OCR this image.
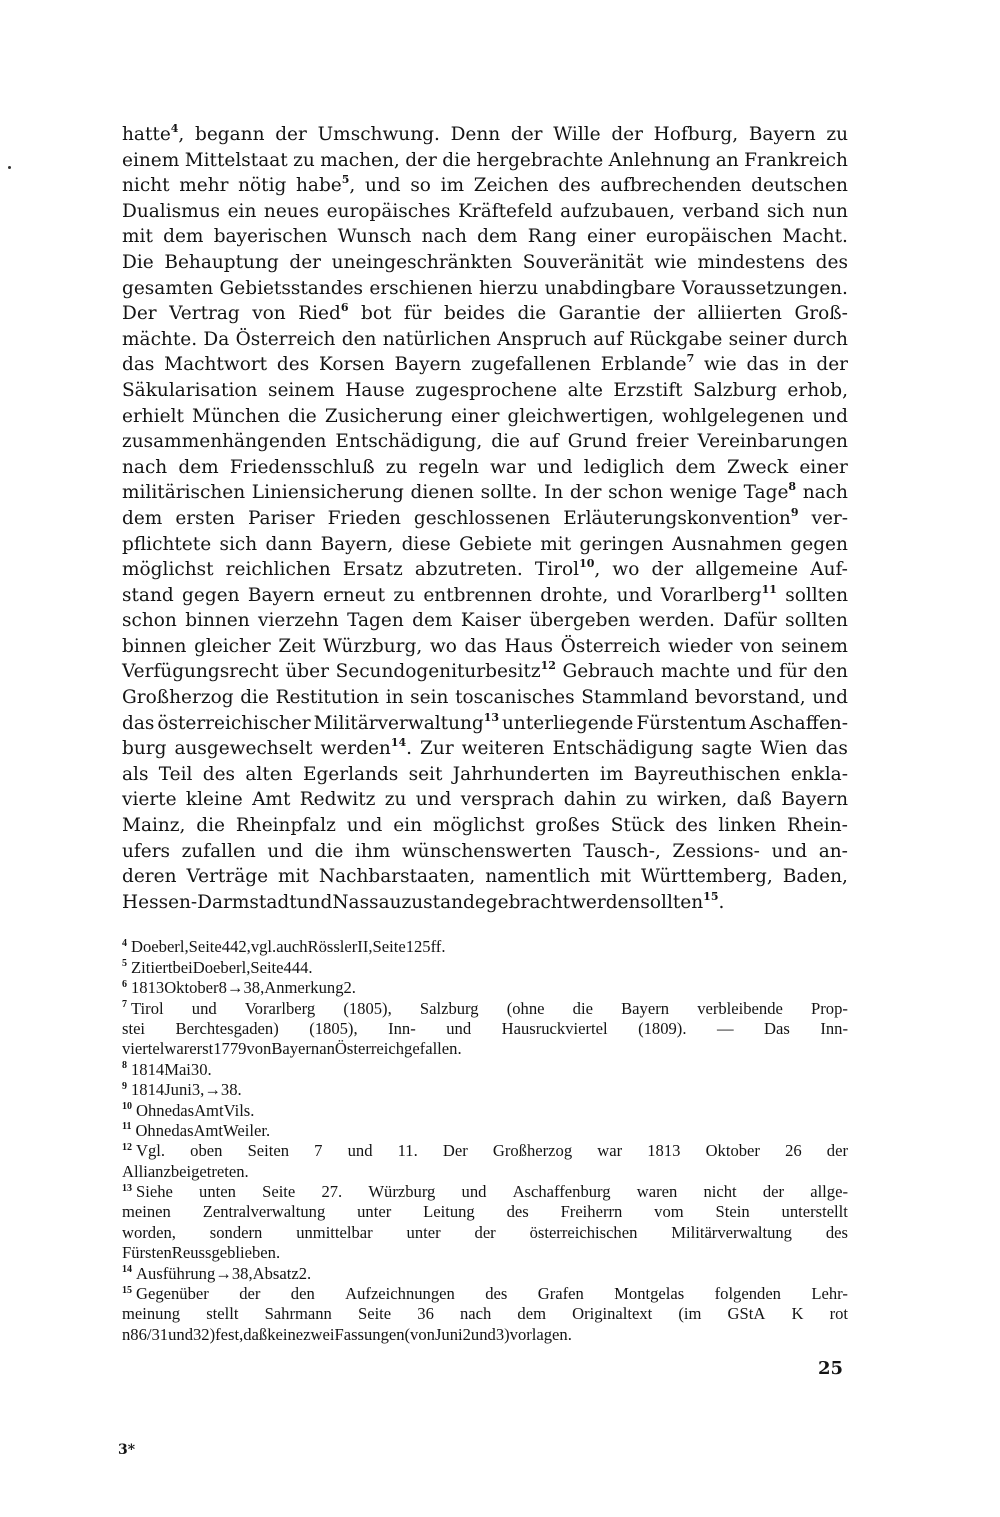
hatte$^4$, begann der Umschwung. Denn der Wille der Hofburg, Bayern zu
einem Mittelstaat zu machen, der die hergebrachte Anlehnung an Frankreich
nicht mehr nötig habe$^5$, und so im Zeichen des aufbrechenden deutschen
Dualismus ein neues europäisches Kräftefeld aufzubauen, verband sich nun
mit dem bayerischen Wunsch nach dem Rang einer europäischen Macht.
Die Behauptung der uneingeschränkten Souveränität wie mindestens des
gesamten Gebietsstandes erschienen hierzu unabdingbare Voraussetzungen.
Der Vertrag von Ried$^6$ bot für beides die Garantie der alliierten Groß-
mächte. Da Österreich den natürlichen Anspruch auf Rückgabe seiner durch
das Machtwort des Korsen Bayern zugefallenen Erblande$^7$ wie das in der
Säkularisation seinem Hause zugesprochene alte Erzstift Salzburg erhob,
erhielt München die Zusicherung einer gleichwertigen, wohlgelegenen und
zusammenhängenden Entschädigung, die auf Grund freier Vereinbarungen
nach dem Friedensschluß zu regeln war und lediglich dem Zweck einer
militärischen Liniensicherung dienen sollte. In der schon wenige Tage$^8$ nach
dem ersten Pariser Frieden geschlossenen Erläuterungskonvention$^9$ ver-
pflichtete sich dann Bayern, diese Gebiete mit geringen Ausnahmen gegen
möglichst reichlichen Ersatz abzutreten. Tirol$^{10}$, wo der allgemeine Auf-
stand gegen Bayern erneut zu entbrennen drohte, und Vorarlberg$^{11}$ sollten
schon binnen vierzehn Tagen dem Kaiser übergeben werden. Dafür sollten
binnen gleicher Zeit Würzburg, wo das Haus Österreich wieder von seinem
Verfügungsrecht über Secundogeniturbesitz$^{12}$ Gebrauch machte und für den
Großherzog die Restitution in sein toscanisches Stammland bevorstand, und
das österreichischer Militärverwaltung$^{13}$ unterliegende Fürstentum Aschaffen-
burg ausgewechselt werden$^{14}$. Zur weiteren Entschädigung sagte Wien das
als Teil des alten Egerlands seit Jahrhunderten im Bayreuthischen enkla-
vierte kleine Amt Redwitz zu und versprach dahin zu wirken, daß Bayern
Mainz, die Rheinpfalz und ein möglichst großes Stück des linken Rhein-
ufers zufallen und die ihm wünschenswerten Tausch-, Zessions- und an-
deren Verträge mit Nachbarstaaten, namentlich mit Württemberg, Baden,
Hessen-Darmstadt und Nassau zustandegebracht werden sollten$^{15}$.
$^4$ Doeberl, Seite 442, vgl. auch Rössler II, Seite 125 ff.
$^5$ Zitiert bei Doeberl, Seite 444.
$^6$ 1813 Oktober 8 → 38, Anmerkung 2.
$^7$ Tirol und Vorarlberg (1805), Salzburg (ohne die Bayern verbleibende Prop-
stei Berchtesgaden) (1805), Inn- und Hausruckviertel (1809). — Das Inn-
viertel war erst 1779 von Bayern an Österreich gefallen.
$^8$ 1814 Mai 30.
$^9$ 1814 Juni 3, → 38.
$^{10}$ Ohne das Amt Vils.
$^{11}$ Ohne das Amt Weiler.
$^{12}$ Vgl. oben Seiten 7 und 11. Der Großherzog war 1813 Oktober 26 der
Allianz beigetreten.
$^{13}$ Siehe unten Seite 27. Würzburg und Aschaffenburg waren nicht der allge-
meinen Zentralverwaltung unter Leitung des Freiherrn vom Stein unterstellt
worden, sondern unmittelbar unter der österreichischen Militärverwaltung des
Fürsten Reuss geblieben.
$^{14}$ Ausführung → 38, Absatz 2.
$^{15}$ Gegenüber der den Aufzeichnungen des Grafen Montgelas folgenden Lehr-
meinung stellt Sahrmann Seite 36 nach dem Originaltext (im GStA K rot
n 86/31 und 32) fest, daß keine zwei Fassungen (von Juni 2 und 3) vorlagen.
25
3*
